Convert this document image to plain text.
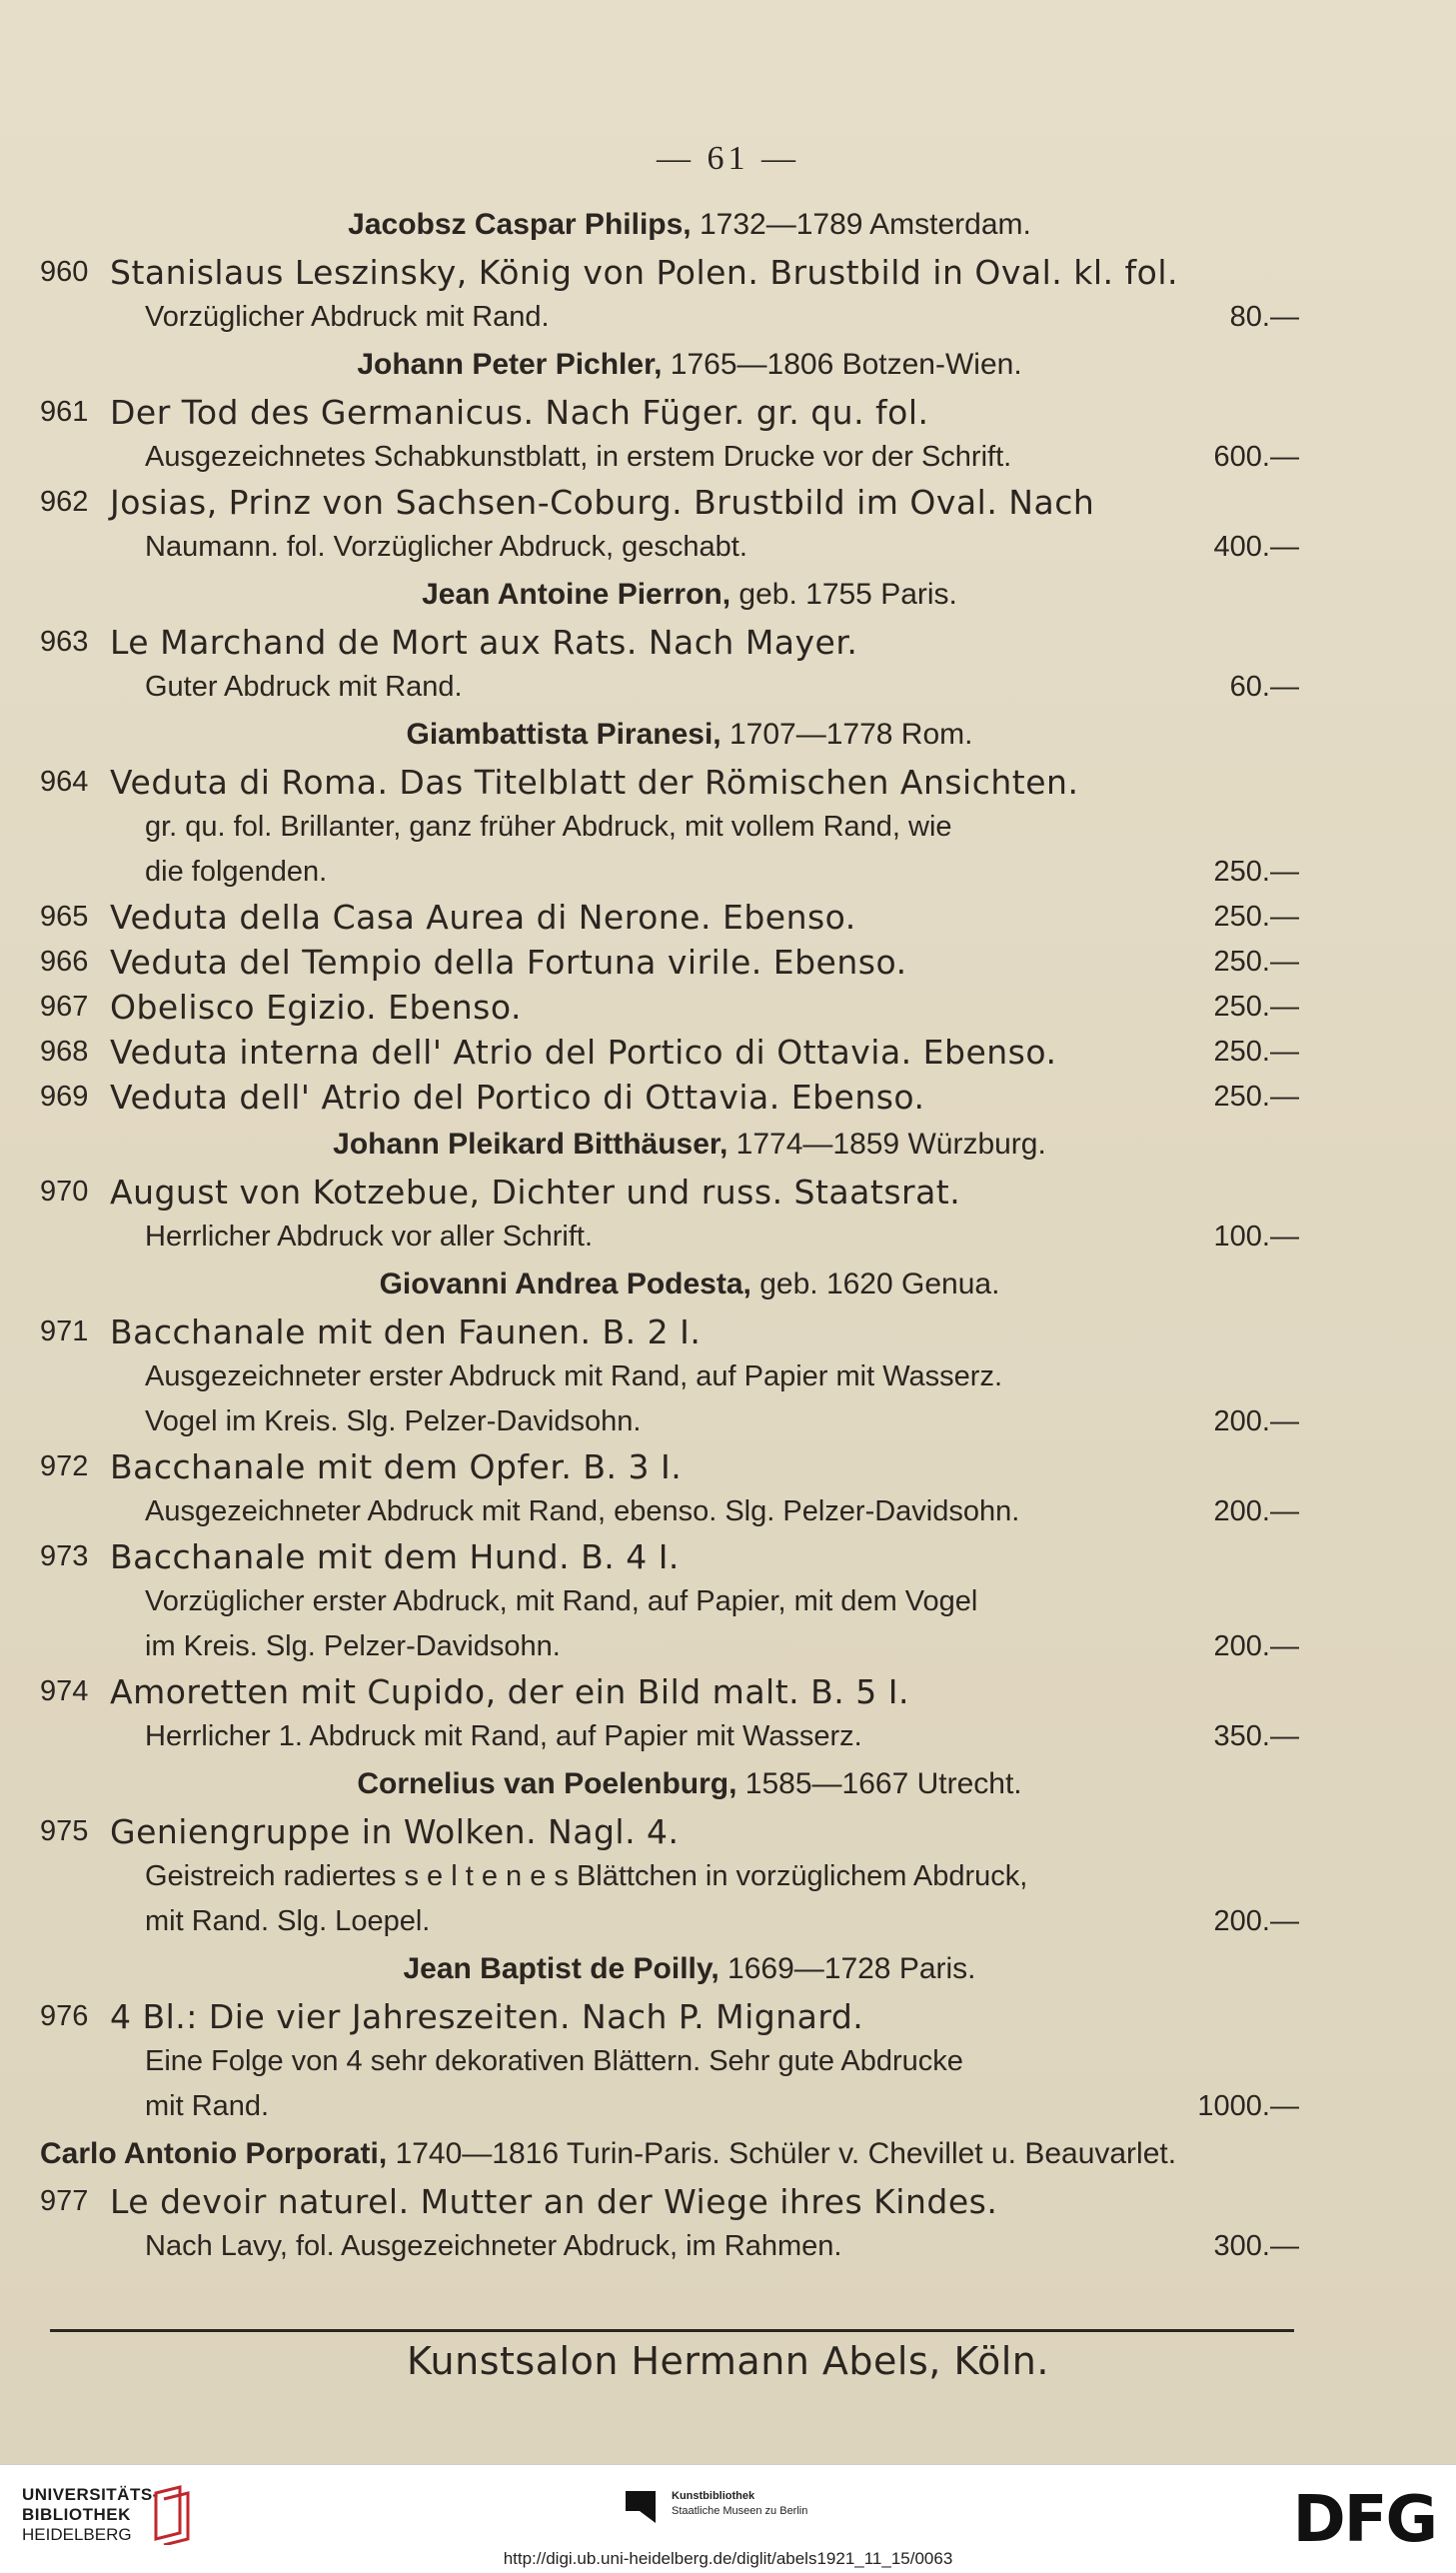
— 61 —
Jacobsz Caspar Philips, 1732—1789 Amsterdam.
960 Stanislaus Leszinsky, König von Polen. Brustbild in Oval. kl. fol.
Vorzüglicher Abdruck mit Rand.	80.—
Johann Peter Pichler, 1765—1806 Botzen-Wien.
961 Der Tod des Germanicus. Nach Füger. gr. qu. fol.
Ausgezeichnetes Schabkunstblatt, in erstem Drucke vor der Schrift.	600.—
962 Josias, Prinz von Sachsen-Coburg. Brustbild im Oval. Nach
Naumann. fol. Vorzüglicher Abdruck, geschabt.	400.—
Jean Antoine Pierron, geb. 1755 Paris.
963 Le Marchand de Mort aux Rats. Nach Mayer.
Guter Abdruck mit Rand.	60.—
Giambattista Piranesi, 1707—1778 Rom.
964 Veduta di Roma. Das Titelblatt der Römischen Ansichten.
gr. qu. fol. Brillanter, ganz früher Abdruck, mit vollem Rand, wie
die folgenden.	250.—
965 Veduta della Casa Aurea di Nerone. Ebenso.	250.—
966 Veduta del Tempio della Fortuna virile. Ebenso.	250.—
967 Obelisco Egizio. Ebenso.	250.—
968 Veduta interna dell' Atrio del Portico di Ottavia. Ebenso.	250.—
969 Veduta dell' Atrio del Portico di Ottavia. Ebenso.	250.—
Johann Pleikard Bitthäuser, 1774—1859 Würzburg.
970 August von Kotzebue, Dichter und russ. Staatsrat.
Herrlicher Abdruck vor aller Schrift.	100.—
Giovanni Andrea Podesta, geb. 1620 Genua.
971 Bacchanale mit den Faunen. B. 2 I.
Ausgezeichneter erster Abdruck mit Rand, auf Papier mit Wasserz.
Vogel im Kreis. Slg. Pelzer-Davidsohn.	200.—
972 Bacchanale mit dem Opfer. B. 3 I.
Ausgezeichneter Abdruck mit Rand, ebenso. Slg. Pelzer-Davidsohn.	200.—
973 Bacchanale mit dem Hund. B. 4 I.
Vorzüglicher erster Abdruck, mit Rand, auf Papier, mit dem Vogel
im Kreis. Slg. Pelzer-Davidsohn.	200.—
974 Amoretten mit Cupido, der ein Bild malt. B. 5 I.
Herrlicher 1. Abdruck mit Rand, auf Papier mit Wasserz.	350.—
Cornelius van Poelenburg, 1585—1667 Utrecht.
975 Geniengruppe in Wolken. Nagl. 4.
Geistreich radiertes s e l t e n e s Blättchen in vorzüglichem Abdruck,
mit Rand. Slg. Loepel.	200.—
Jean Baptist de Poilly, 1669—1728 Paris.
976 4 Bl.: Die vier Jahreszeiten. Nach P. Mignard.
Eine Folge von 4 sehr dekorativen Blättern. Sehr gute Abdrucke
mit Rand.	1000.—
Carlo Antonio Porporati, 1740—1816 Turin-Paris. Schüler v. Chevillet u. Beauvarlet.
977 Le devoir naturel. Mutter an der Wiege ihres Kindes.
Nach Lavy, fol. Ausgezeichneter Abdruck, im Rahmen.	300.—
Kunstsalon Hermann Abels, Köln.
UNIVERSITÄTS-
BIBLIOTHEK
HEIDELBERG
Kunstbibliothek
Staatliche Museen zu Berlin	DFG
http://digi.ub.uni-heidelberg.de/diglit/abels1921_11_15/0063
